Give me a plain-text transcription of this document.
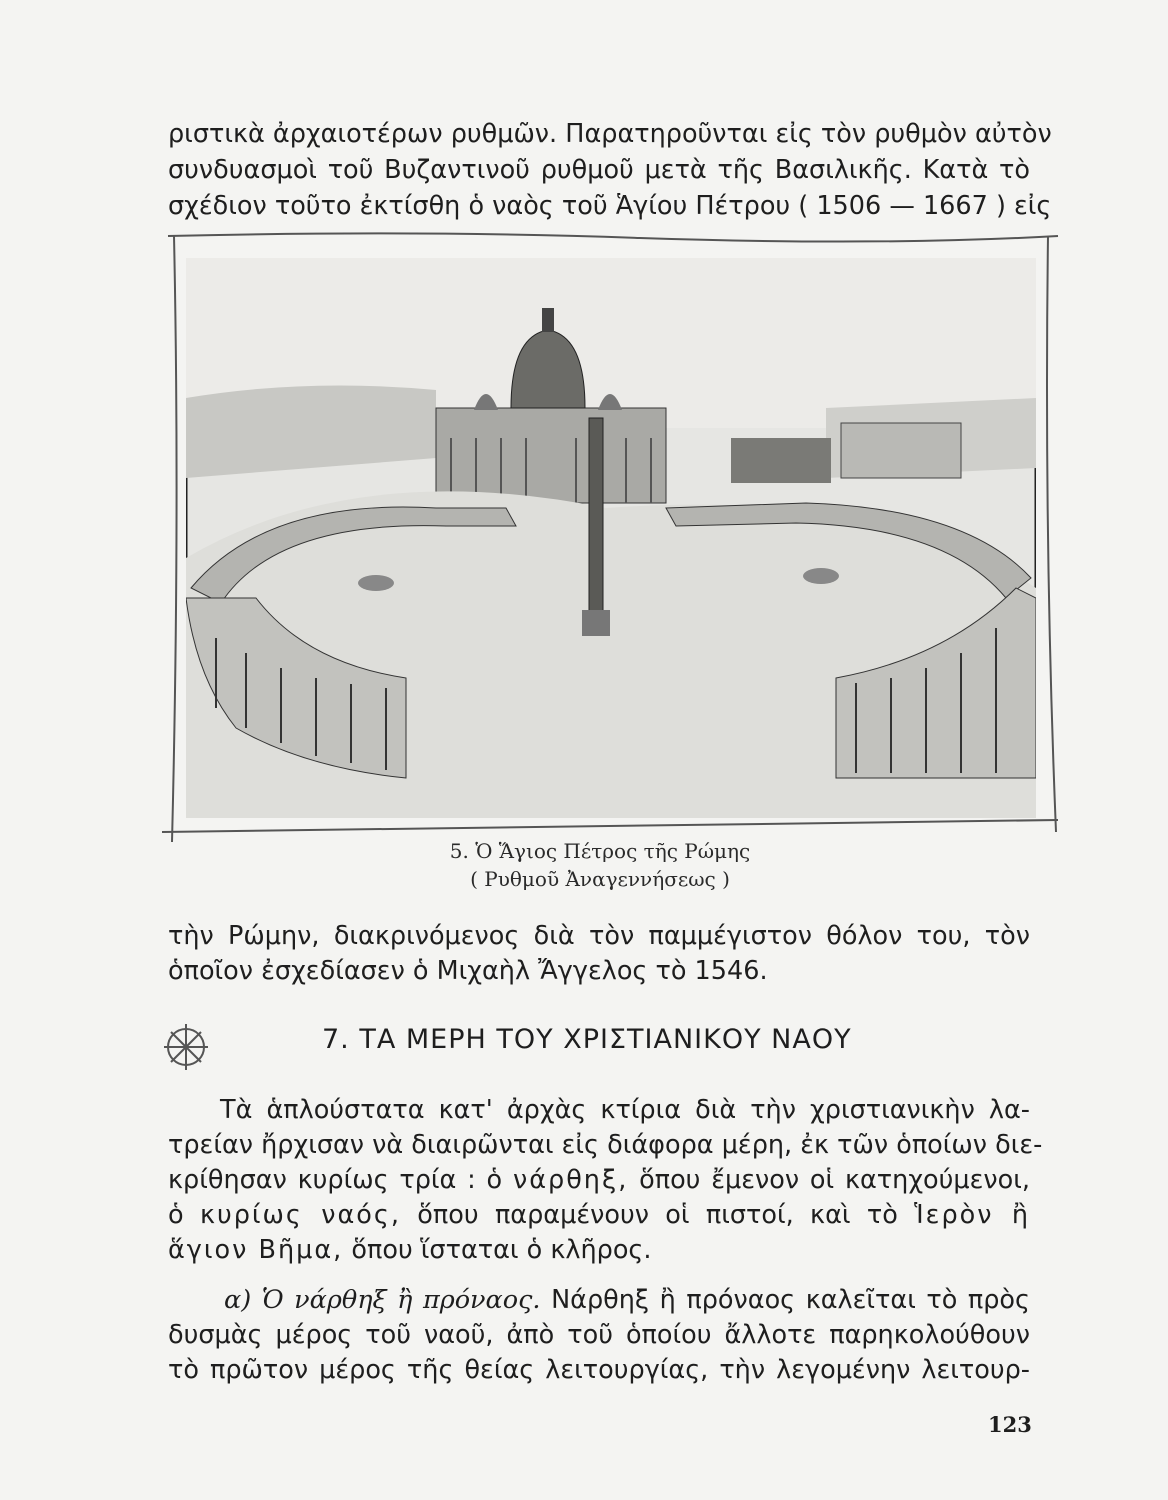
ριστικὰ ἀρχαιοτέρων ρυθμῶν. Παρατηροῦνται εἰς τὸν ρυθμὸν αὐτὸν
συνδυασμοὶ τοῦ Βυζαντινοῦ ρυθμοῦ μετὰ τῆς Βασιλικῆς. Κατὰ τὸ
σχέδιον τοῦτο ἐκτίσθη ὁ ναὸς τοῦ Ἁγίου Πέτρου ( 1506 — 1667 ) εἰς
5. Ὁ Ἅγιος Πέτρος τῆς Ρώμης
( Ρυθμοῦ Ἀναγεννήσεως )
τὴν Ρώμην, διακρινόμενος διὰ τὸν παμμέγιστον θόλον του, τὸν
ὁποῖον ἐσχεδίασεν ὁ Μιχαὴλ Ἄγγελος τὸ 1546.
7. ΤΑ ΜΕΡΗ ΤΟΥ ΧΡΙΣΤΙΑΝΙΚΟΥ ΝΑΟΥ
Τὰ ἁπλούστατα κατ' ἀρχὰς κτίρια διὰ τὴν χριστιανικὴν λα-
τρείαν ἤρχισαν νὰ διαιρῶνται εἰς διάφορα μέρη, ἐκ τῶν ὁποίων διε-
κρίθησαν κυρίως τρία : ὁ νάρθηξ, ὅπου ἔμενον οἱ κατηχούμενοι,
ὁ κυρίως ναός, ὅπου παραμένουν οἱ πιστοί, καὶ τὸ Ἱερὸν ἢ
ἅγιον Βῆμα, ὅπου ἵσταται ὁ κλῆρος.
α) Ὁ νάρθηξ ἢ πρόναος. Νάρθηξ ἢ πρόναος καλεῖται τὸ πρὸς
δυσμὰς μέρος τοῦ ναοῦ, ἀπὸ τοῦ ὁποίου ἄλλοτε παρηκολούθουν
τὸ πρῶτον μέρος τῆς θείας λειτουργίας, τὴν λεγομένην λειτουρ-
123
